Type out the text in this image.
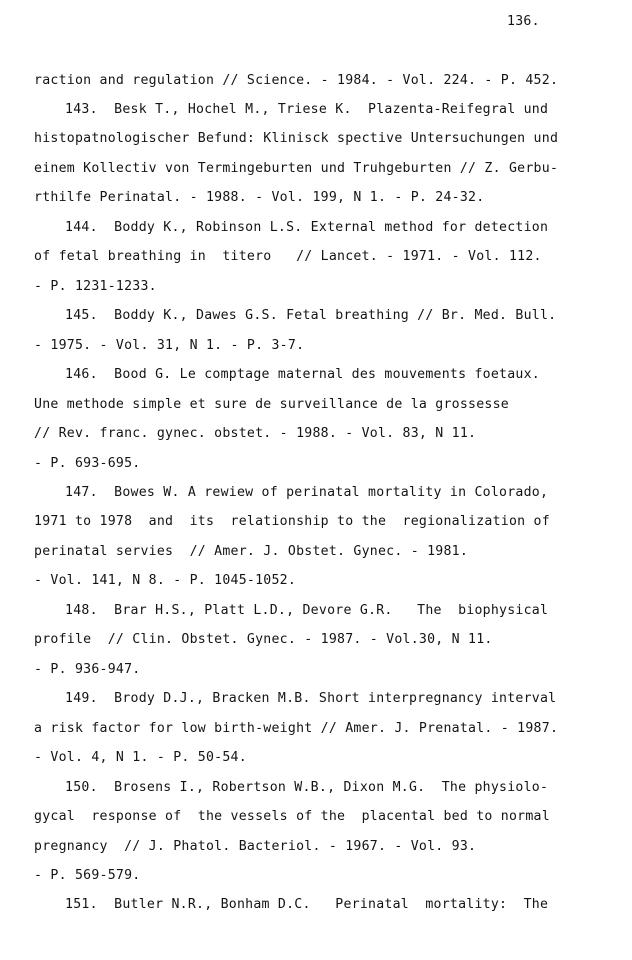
136.
raction and regulation // Science. - 1984. - Vol. 224. - P. 452.
143.  Besk T., Hochel M., Triese K.  Plazenta-Reifegral und
histopatnologischer Befund: Klinisck spective Untersuchungen und
einem Kollectiv von Termingeburten und Truhgeburten // Z. Gerbu-
rthilfe Perinatal. - 1988. - Vol. 199, N 1. - P. 24-32.
144.  Boddy K., Robinson L.S. External method for detection
of fetal breathing in  titero   // Lancet. - 1971. - Vol. 112.
- P. 1231-1233.
145.  Boddy K., Dawes G.S. Fetal breathing // Br. Med. Bull.
- 1975. - Vol. 31, N 1. - P. 3-7.
146.  Bood G. Le comptage maternal des mouvements foetaux.
Une methode simple et sure de surveillance de la grossesse
// Rev. franc. gynec. obstet. - 1988. - Vol. 83, N 11.
- P. 693-695.
147.  Bowes W. A rewiew of perinatal mortality in Colorado,
1971 to 1978  and  its  relationship to the  regionalization of
perinatal servies  // Amer. J. Obstet. Gynec. - 1981.
- Vol. 141, N 8. - P. 1045-1052.
148.  Brar H.S., Platt L.D., Devore G.R.   The  biophysical
profile  // Clin. Obstet. Gynec. - 1987. - Vol.30, N 11.
- P. 936-947.
149.  Brody D.J., Bracken M.B. Short interpregnancy interval
a risk factor for low birth-weight // Amer. J. Prenatal. - 1987.
- Vol. 4, N 1. - P. 50-54.
150.  Brosens I., Robertson W.B., Dixon M.G.  The physiolo-
gycal  response of  the vessels of the  placental bed to normal
pregnancy  // J. Phatol. Bacteriol. - 1967. - Vol. 93.
- P. 569-579.
151.  Butler N.R., Bonham D.C.   Perinatal  mortality:  The
